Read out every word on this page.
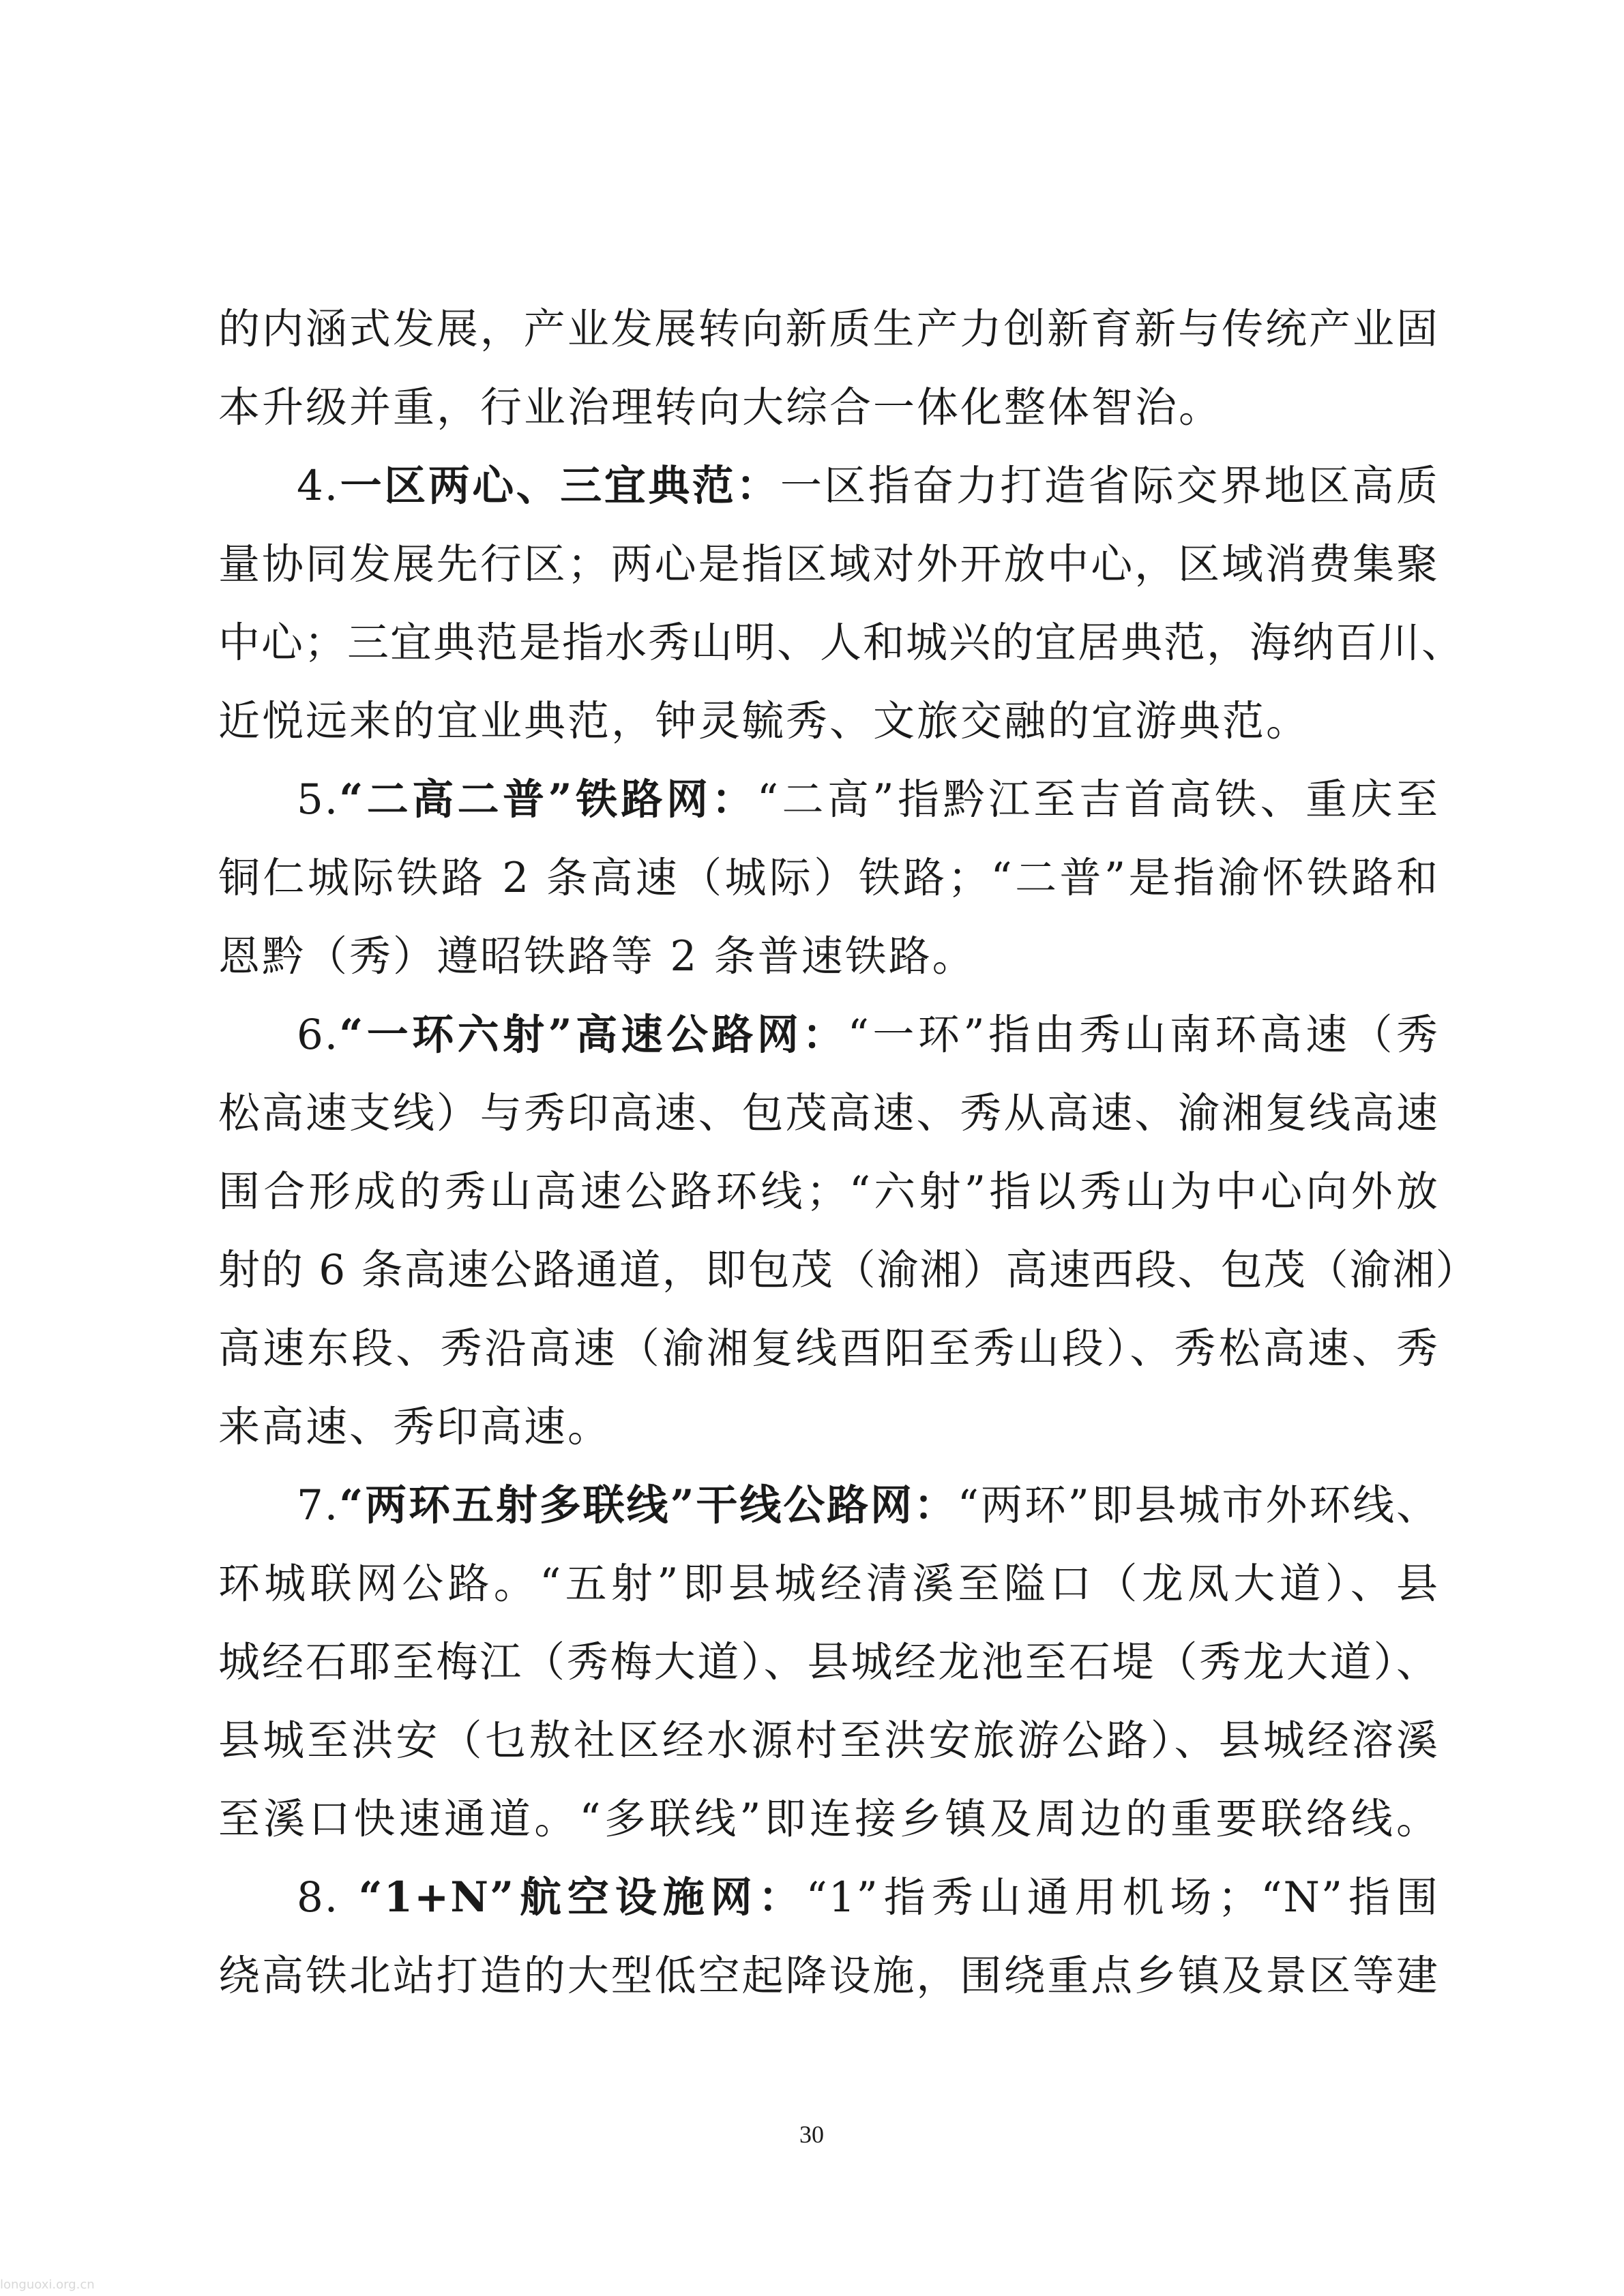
的内涵式发展，产业发展转向新质生产力创新育新与传统产业固
本升级并重，行业治理转向大综合一体化整体智治。
4.一区两心、三宜典范：一区指奋力打造省际交界地区高质
量协同发展先行区；两心是指区域对外开放中心，区域消费集聚
中心；三宜典范是指水秀山明、人和城兴的宜居典范，海纳百川、
近悦远来的宜业典范，钟灵毓秀、文旅交融的宜游典范。
5.“二高二普”铁路网：“二高”指黔江至吉首高铁、重庆至
铜仁城际铁路 2 条高速（城际）铁路；“二普”是指渝怀铁路和
恩黔（秀）遵昭铁路等 2 条普速铁路。
6.“一环六射”高速公路网：“一环”指由秀山南环高速（秀
松高速支线）与秀印高速、包茂高速、秀从高速、渝湘复线高速
围合形成的秀山高速公路环线；“六射”指以秀山为中心向外放
射的 6 条高速公路通道，即包茂（渝湘）高速西段、包茂（渝湘）
高速东段、秀沿高速（渝湘复线酉阳至秀山段）、秀松高速、秀
来高速、秀印高速。
7.“两环五射多联线”干线公路网：“两环”即县城市外环线、
环城联网公路。“五射”即县城经清溪至隘口（龙凤大道）、县
城经石耶至梅江（秀梅大道）、县城经龙池至石堤（秀龙大道）、
县城至洪安（乜敖社区经水源村至洪安旅游公路）、县城经溶溪
至溪口快速通道。“多联线”即连接乡镇及周边的重要联络线。
8. “1+N”航空设施网：“1”指秀山通用机场；“N”指围
绕高铁北站打造的大型低空起降设施，围绕重点乡镇及景区等建
30
longuoxi.org.cn
